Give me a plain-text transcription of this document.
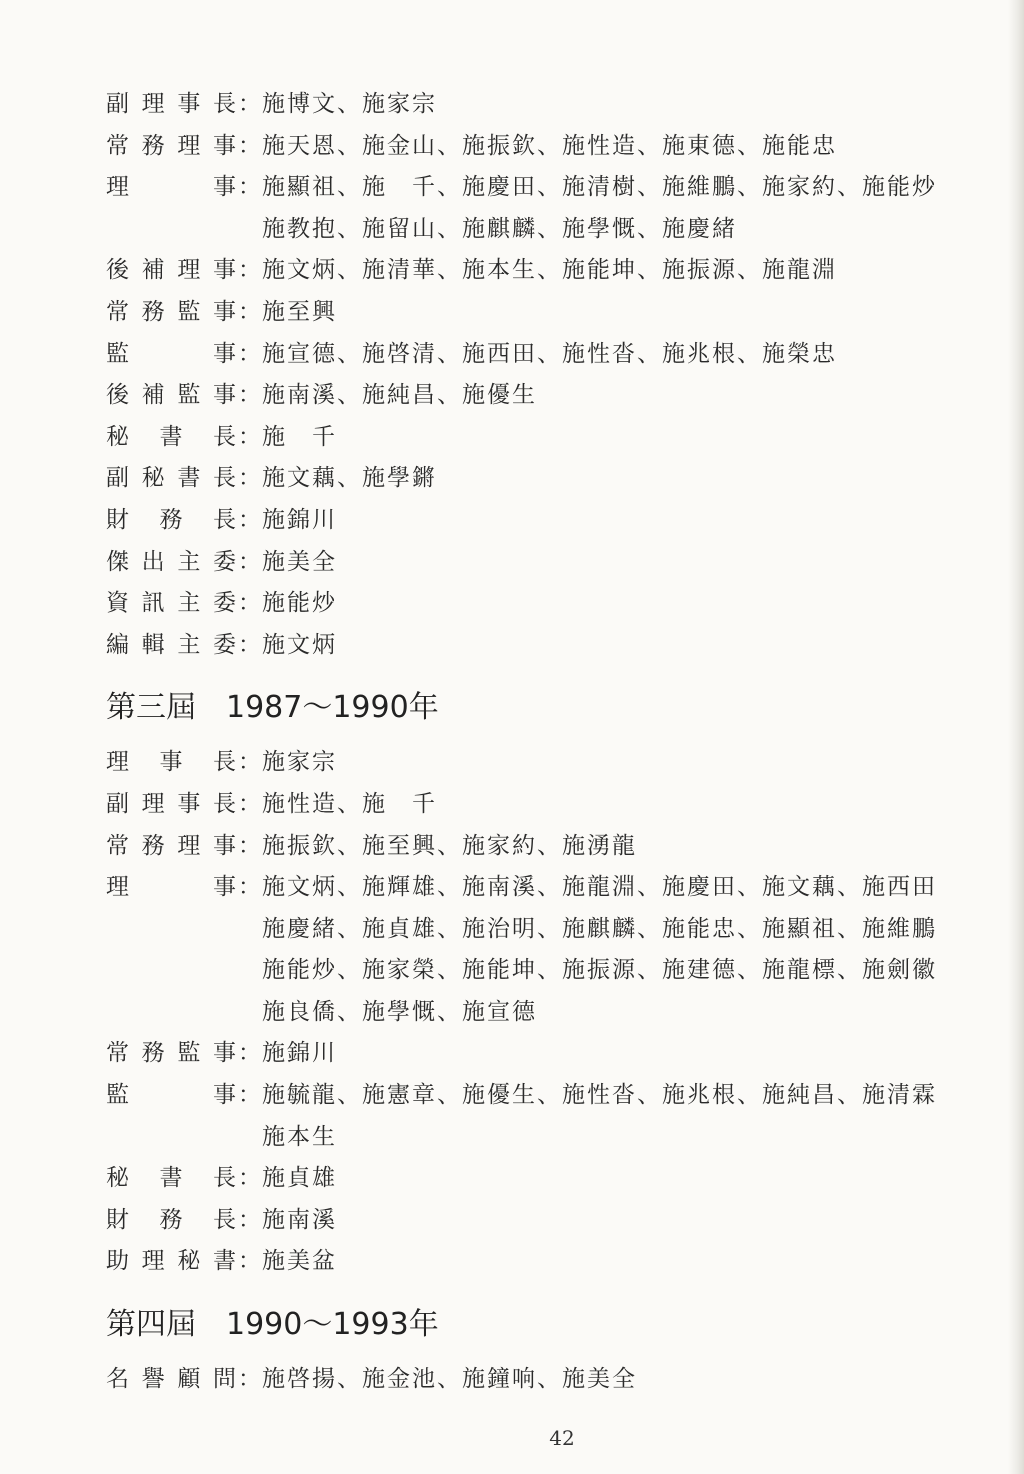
副 理 事 長 ： 施博文、施家宗
常 務 理 事 ： 施天恩、施金山、施振欽、施性造、施東德、施能忠
理	事 ： 施顯祖、施　千、施慶田、施清樹、施維鵬、施家約、施能炒
施教抱、施留山、施麒麟、施學慨、施慶緒
後 補 理 事 ： 施文炳、施清華、施本生、施能坤、施振源、施龍淵
常 務 監 事 ： 施至興
監	事 ： 施宣德、施啓清、施西田、施性沓、施兆根、施榮忠
後 補 監 事 ： 施南溪、施純昌、施優生
秘 書 長 ： 施　千
副 秘 書 長 ： 施文藕、施學鏘
財 務 長 ： 施錦川
傑 出 主 委 ： 施美全
資 訊 主 委 ： 施能炒
編 輯 主 委 ： 施文炳
第三屆 1987～1990年
理 事 長 ： 施家宗
副 理 事 長 ： 施性造、施　千
常 務 理 事 ： 施振欽、施至興、施家約、施湧龍
理	事 ： 施文炳、施輝雄、施南溪、施龍淵、施慶田、施文藕、施西田
施慶緒、施貞雄、施治明、施麒麟、施能忠、施顯祖、施維鵬
施能炒、施家榮、施能坤、施振源、施建德、施龍標、施劍徽
施良僑、施學慨、施宣德
常 務 監 事 ： 施錦川
監	事 ： 施毓龍、施憲章、施優生、施性沓、施兆根、施純昌、施清霖
施本生
秘 書 長 ： 施貞雄
財 務 長 ： 施南溪
助 理 秘 書 ： 施美盆
第四屆 1990～1993年
名 譽 顧 問 ： 施啓揚、施金池、施鐘响、施美全
42
